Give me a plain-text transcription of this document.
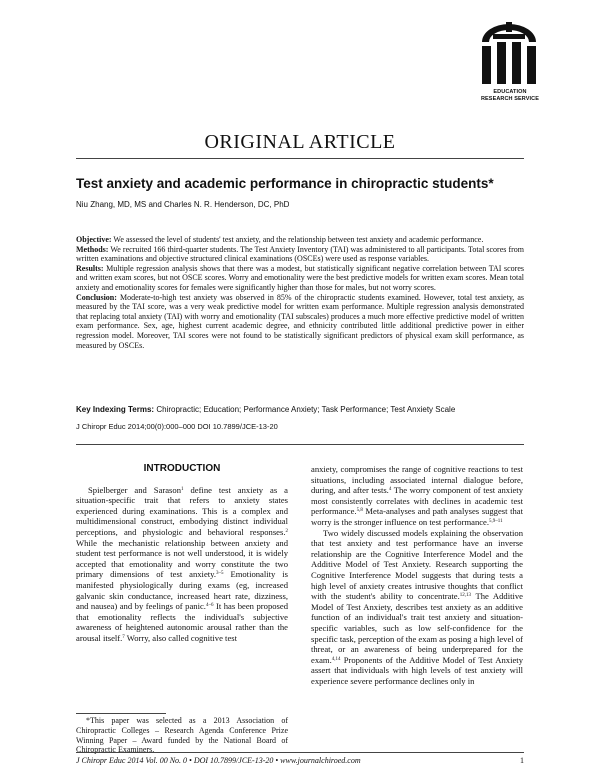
EDUCATION
RESEARCH SERVICE
ORIGINAL ARTICLE
Test anxiety and academic performance in chiropractic students*
Niu Zhang, MD, MS and Charles N. R. Henderson, DC, PhD

Objective: We assessed the level of students' test anxiety, and the relationship between test anxiety and academic performance.

Methods: We recruited 166 third-quarter students. The Test Anxiety Inventory (TAI) was administered to all participants. Total scores from written examinations and objective structured clinical examinations (OSCEs) were used as response variables.

Results: Multiple regression analysis shows that there was a modest, but statistically significant negative correlation between TAI scores and written exam scores, but not OSCE scores. Worry and emotionality were the best predictive models for written exam scores. Mean total anxiety and emotionality scores for females were significantly higher than those for males, but not worry scores.

Conclusion: Moderate-to-high test anxiety was observed in 85% of the chiropractic students examined. However, total test anxiety, as measured by the TAI score, was a very weak predictive model for written exam performance. Multiple regression analysis demonstrated that replacing total anxiety (TAI) with worry and emotionality (TAI subscales) produces a much more effective predictive model of written exam performance. Sex, age, highest current academic degree, and ethnicity contributed little additional predictive power in either regression model. Moreover, TAI scores were not found to be statistically significant predictors of physical exam skill performance, as measured by OSCEs.

Key Indexing Terms: Chiropractic; Education; Performance Anxiety; Task Performance; Test Anxiety Scale
J Chiropr Educ 2014;00(0):000–000 DOI 10.7899/JCE-13-20

INTRODUCTION

Spielberger and Sarason$^1$ define test anxiety as a situation-specific trait that refers to anxiety states experienced during examinations. This is a complex and multidimensional construct, embodying distinct individual perceptions, and physiologic and behavioral responses.$^2$ While the mechanistic relationship between anxiety and student test performance is not well understood, it is widely accepted that emotionality and worry constitute the two primary dimensions of test anxiety.$^{3-5}$ Emotionality is manifested physiologically during exams (eg, increased galvanic skin conductance, increased heart rate, dizziness, and nausea) and by feelings of panic.$^{4-6}$ It has been proposed that emotionality reflects the individual's subjective awareness of heightened autonomic arousal rather than the arousal itself.$^7$ Worry, also called cognitive test

anxiety, compromises the range of cognitive reactions to test situations, including associated internal dialogue before, during, and after tests.$^4$ The worry component of test anxiety most consistently correlates with declines in academic test performance.$^{5,8}$ Meta-analyses and path analyses suggest that worry is the stronger influence on test performance.$^{5,9-11}$

Two widely discussed models explaining the observation that test anxiety and test performance have an inverse relationship are the Cognitive Interference Model and the Additive Model of Test Anxiety. Research supporting the Cognitive Interference Model suggests that during tests a high level of anxiety creates intrusive thoughts that conflict with the student's ability to concentrate.$^{12,13}$ The Additive Model of Test Anxiety, describes test anxiety as an additive function of an individual's trait test anxiety and situation-specific variables, such as low self-confidence for the specific task, perception of the exam as posing a high level of threat, or an awareness of being underprepared for the exam.$^{4,14}$ Proponents of the Additive Model of Test Anxiety assert that individuals with high levels of test anxiety will experience severe performance declines only in

*This paper was selected as a 2013 Association of Chiropractic Colleges – Research Agenda Conference Prize Winning Paper – Award funded by the National Board of Chiropractic Examiners.
J Chiropr Educ 2014 Vol. 00 No. 0 • DOI 10.7899/JCE-13-20 • www.journalchiroed.com	1
